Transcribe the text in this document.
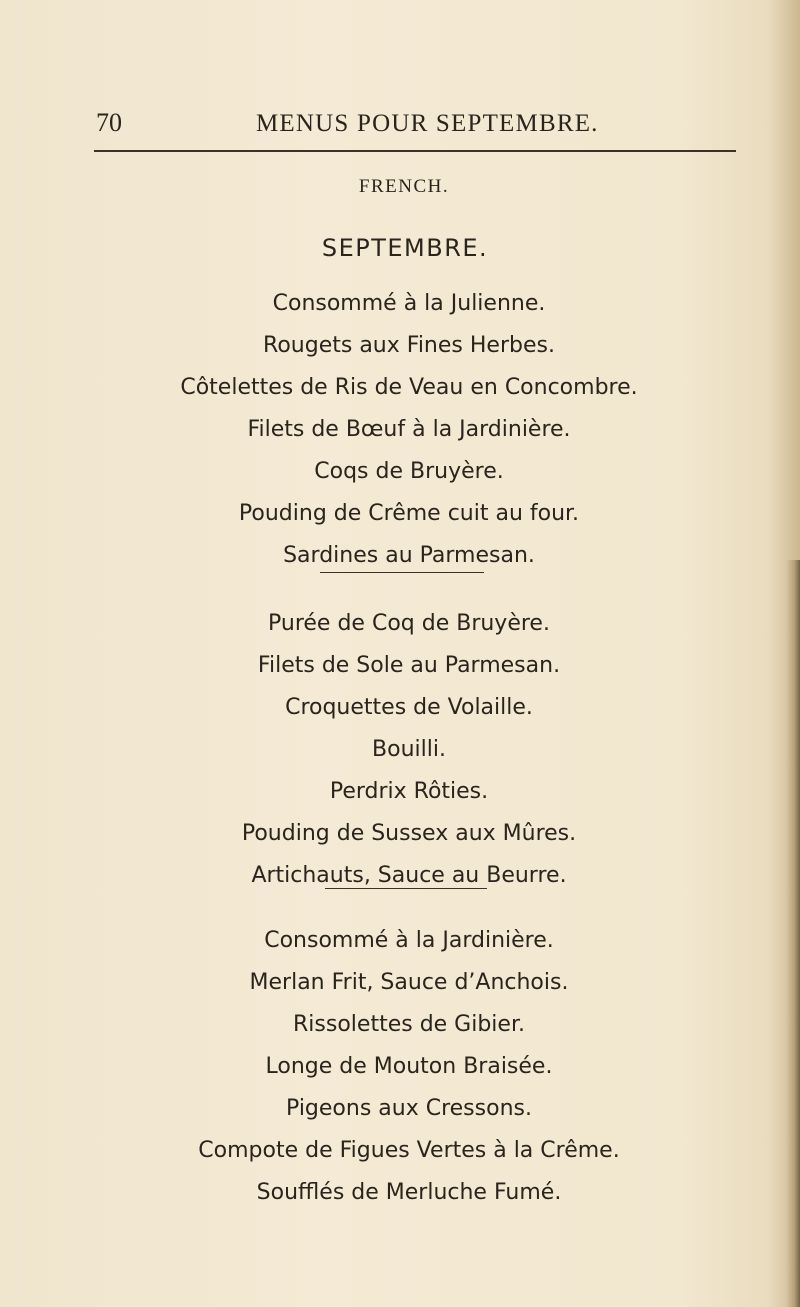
70	MENUS POUR SEPTEMBRE.
FRENCH.
SEPTEMBRE.
Consommé à la Julienne.
Rougets aux Fines Herbes.
Côtelettes de Ris de Veau en Concombre.
Filets de Bœuf à la Jardinière.
Coqs de Bruyère.
Pouding de Crême cuit au four.
Sardines au Parmesan.
Purée de Coq de Bruyère.
Filets de Sole au Parmesan.
Croquettes de Volaille.
Bouilli.
Perdrix Rôties.
Pouding de Sussex aux Mûres.
Artichauts, Sauce au Beurre.
Consommé à la Jardinière.
Merlan Frit, Sauce d’Anchois.
Rissolettes de Gibier.
Longe de Mouton Braisée.
Pigeons aux Cressons.
Compote de Figues Vertes à la Crême.
Soufflés de Merluche Fumé.
